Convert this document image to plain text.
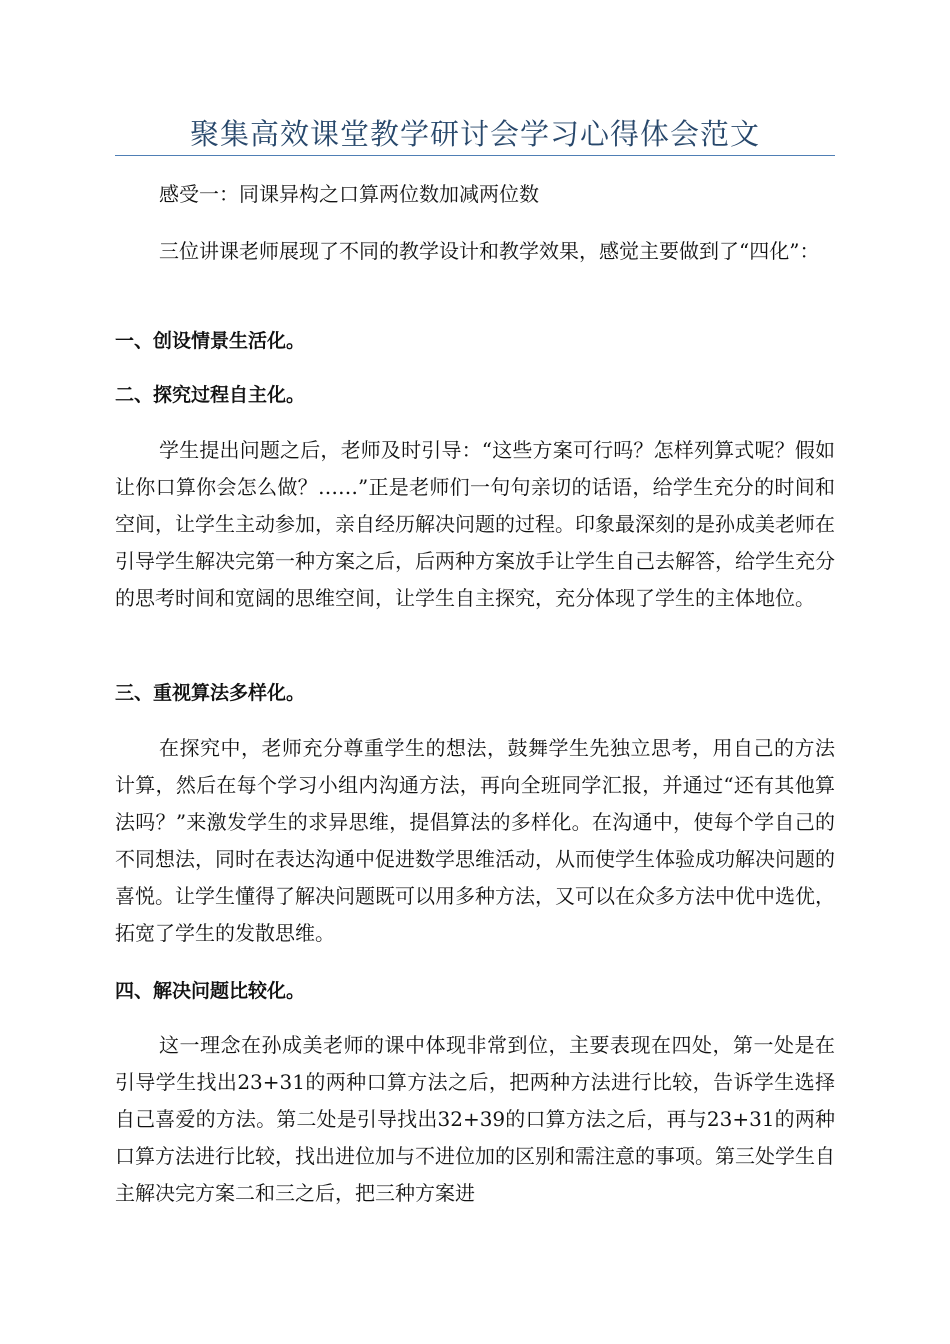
聚集高效课堂教学研讨会学习心得体会范文

感受一：同课异构之口算两位数加减两位数

三位讲课老师展现了不同的教学设计和教学效果，感觉主要做到了“四化”：

一、创设情景生活化。
二、探究过程自主化。

学生提出问题之后，老师及时引导：“这些方案可行吗？怎样列算式呢？假如让你口算你会怎么做？……”正是老师们一句句亲切的话语，给学生充分的时间和空间，让学生主动参加，亲自经历解决问题的过程。印象最深刻的是孙成美老师在引导学生解决完第一种方案之后，后两种方案放手让学生自己去解答，给学生充分的思考时间和宽阔的思维空间，让学生自主探究，充分体现了学生的主体地位。

三、重视算法多样化。

在探究中，老师充分尊重学生的想法，鼓舞学生先独立思考，用自己的方法计算，然后在每个学习小组内沟通方法，再向全班同学汇报，并通过“还有其他算法吗？”来激发学生的求异思维，提倡算法的多样化。在沟通中，使每个学自己的不同想法，同时在表达沟通中促进数学思维活动，从而使学生体验成功解决问题的喜悦。让学生懂得了解决问题既可以用多种方法，又可以在众多方法中优中选优，拓宽了学生的发散思维。

四、解决问题比较化。

这一理念在孙成美老师的课中体现非常到位，主要表现在四处，第一处是在引导学生找出23+31的两种口算方法之后，把两种方法进行比较，告诉学生选择自己喜爱的方法。第二处是引导找出32+39的口算方法之后，再与23+31的两种口算方法进行比较，找出进位加与不进位加的区别和需注意的事项。第三处学生自主解决完方案二和三之后，把三种方案进
